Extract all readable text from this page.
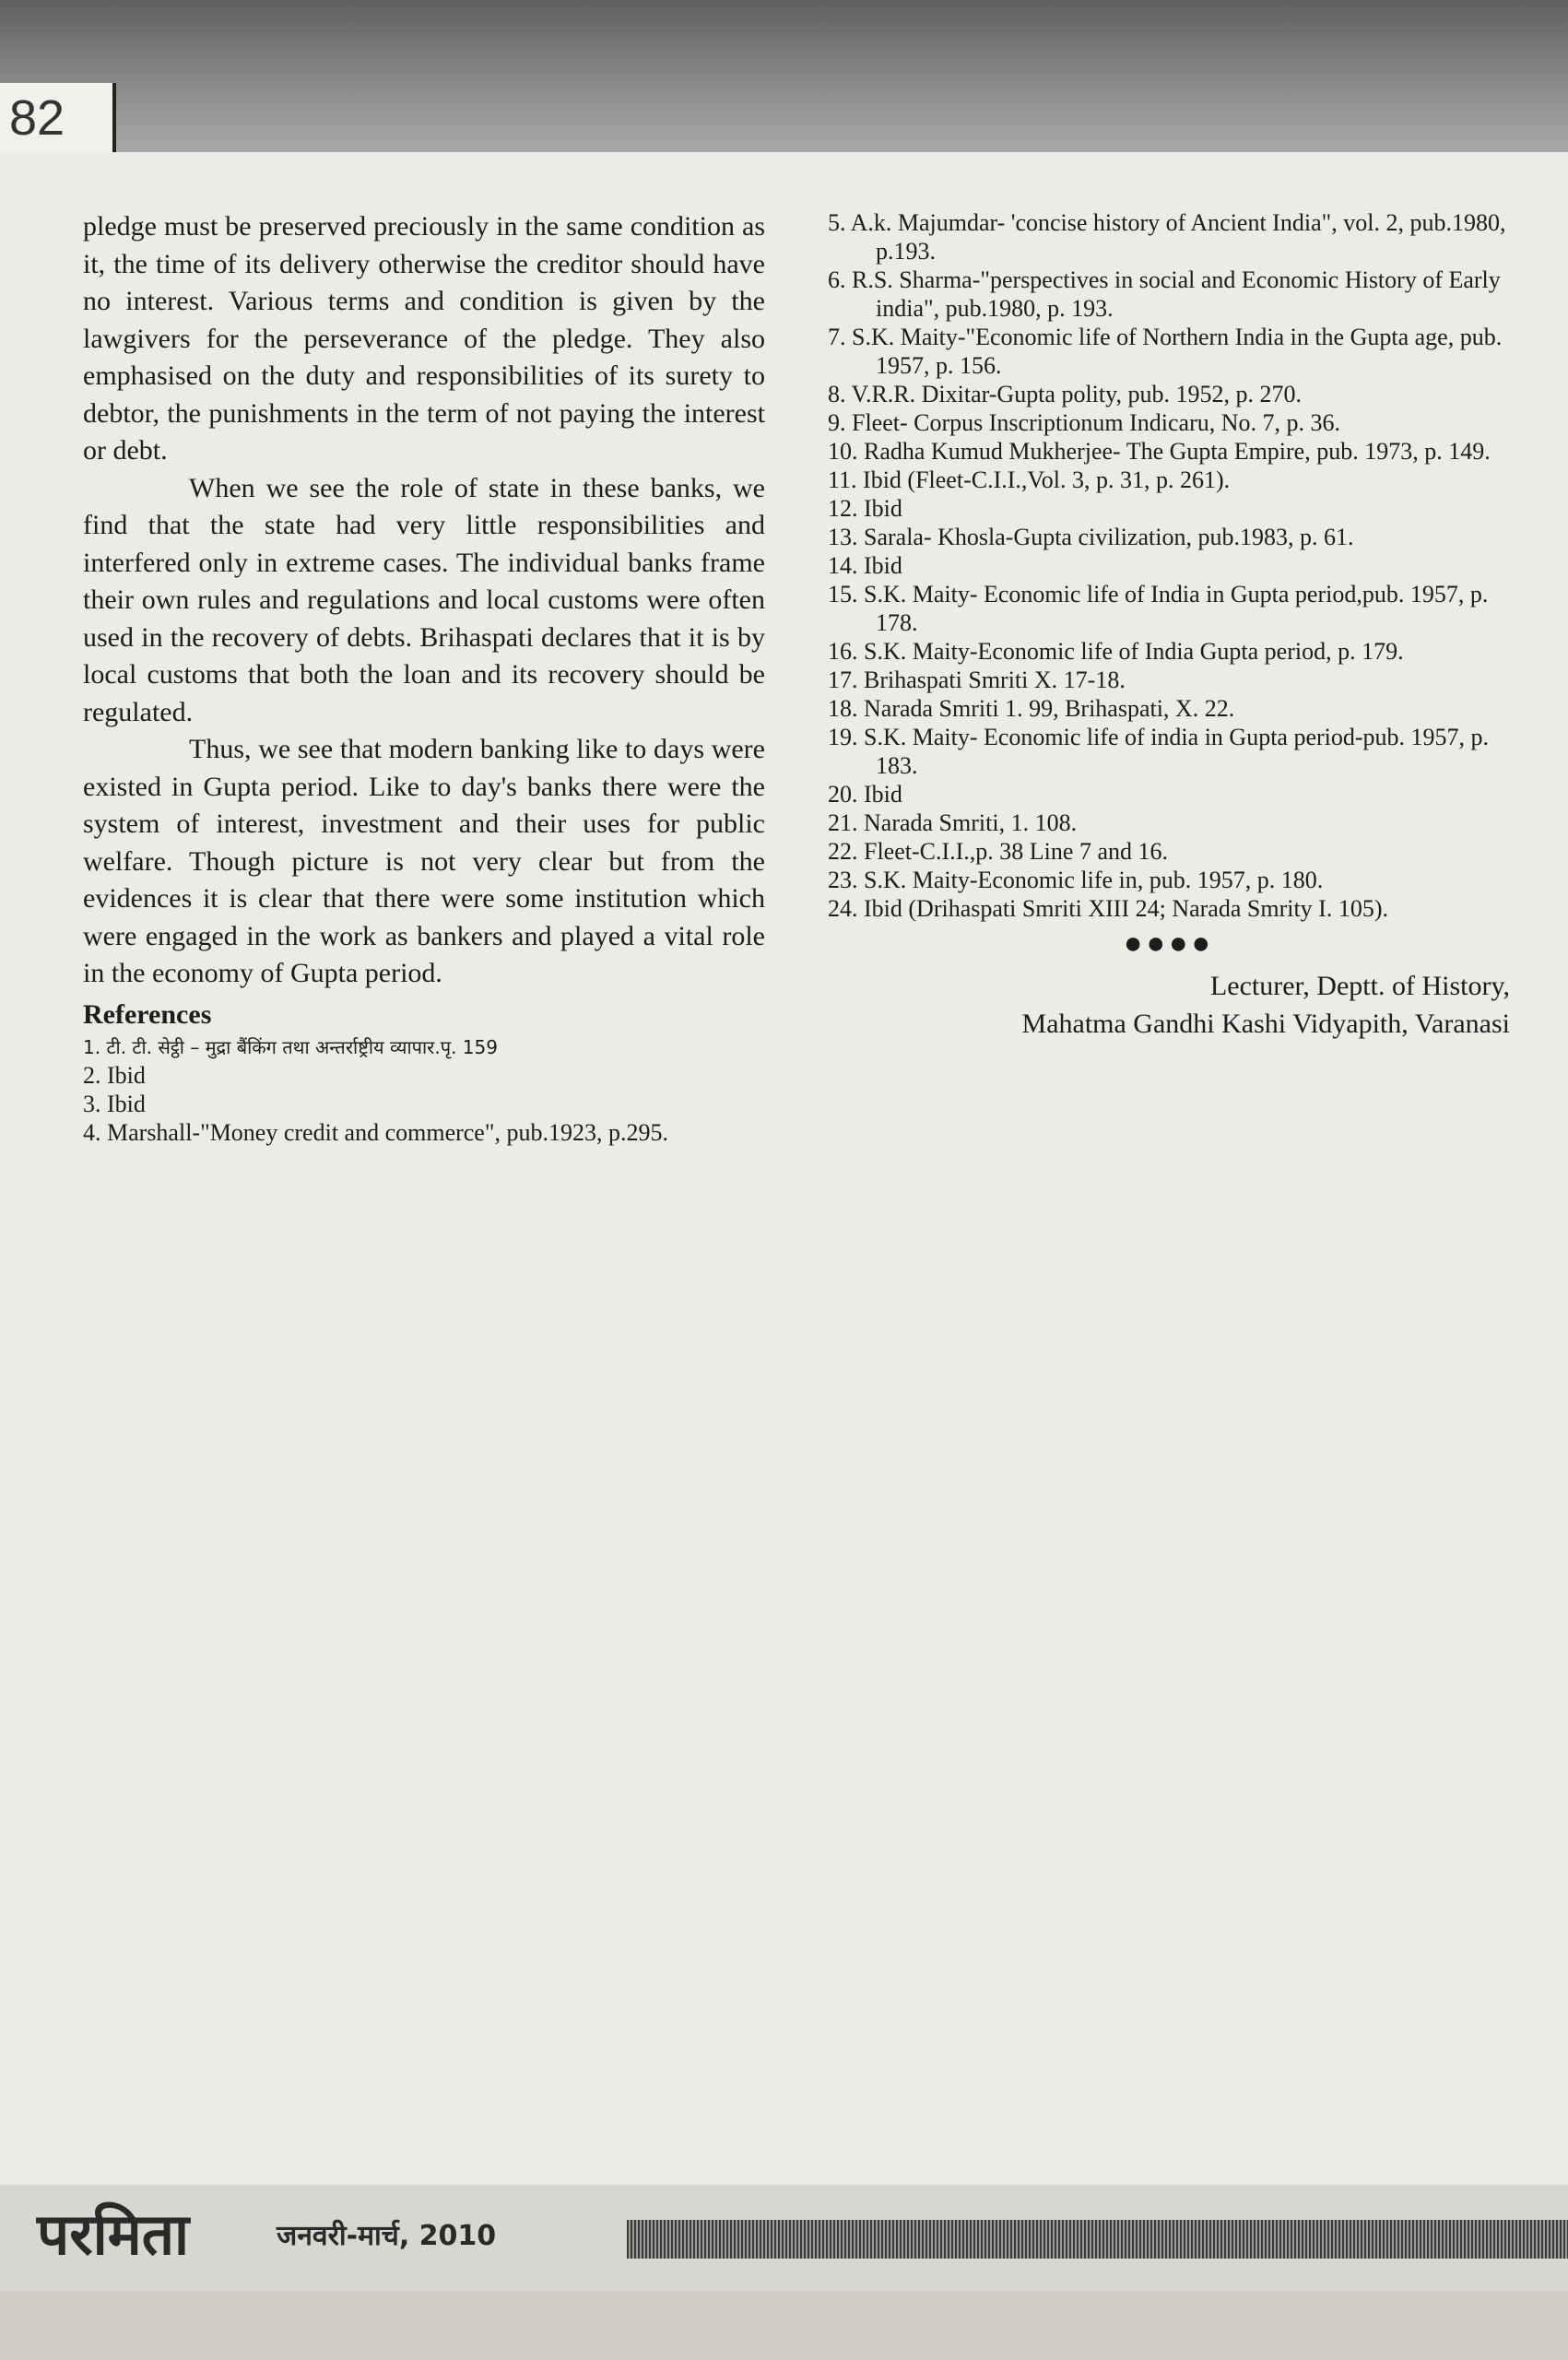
82

pledge must be preserved preciously in the same condition as it, the time of its delivery otherwise the creditor should have no interest. Various terms and condition is given by the lawgivers for the perseverance of the pledge. They also emphasised on the duty and responsibilities of its surety to debtor, the punishments in the term of not paying the interest or debt.

When we see the role of state in these banks, we find that the state had very little responsibilities and interfered only in extreme cases. The individual banks frame their own rules and regulations and local customs were often used in the recovery of debts. Brihaspati declares that it is by local customs that both the loan and its recovery should be regulated.

Thus, we see that modern banking like to days were existed in Gupta period. Like to day's banks there were the system of interest, investment and their uses for public welfare. Though picture is not very clear but from the evidences it is clear that there were some institution which were engaged in the work as bankers and played a vital role in the economy of Gupta period.

References
1. टी. टी. सेट्ठी – मुद्रा बैंकिंग तथा अन्तर्राष्ट्रीय व्यापार.पृ. 159
2. Ibid
3. Ibid
4. Marshall-"Money credit and commerce", pub.1923, p.295.
5. A.k. Majumdar- 'concise history of Ancient India", vol. 2, pub.1980, p.193.
6. R.S. Sharma-"perspectives in social and Economic History of Early india", pub.1980, p. 193.
7. S.K. Maity-"Economic life of Northern India in the Gupta age, pub. 1957, p. 156.
8. V.R.R. Dixitar-Gupta polity, pub. 1952, p. 270.
9. Fleet- Corpus Inscriptionum Indicaru, No. 7, p. 36.
10. Radha Kumud Mukherjee- The Gupta Empire, pub. 1973, p. 149.
11. Ibid (Fleet-C.I.I.,Vol. 3, p. 31, p. 261).
12. Ibid
13. Sarala- Khosla-Gupta civilization, pub.1983, p. 61.
14. Ibid
15. S.K. Maity- Economic life of India in Gupta period,pub. 1957, p. 178.
16. S.K. Maity-Economic life of India Gupta period, p. 179.
17. Brihaspati Smriti X. 17-18.
18. Narada Smriti 1. 99, Brihaspati, X. 22.
19. S.K. Maity- Economic life of india in Gupta period-pub. 1957, p. 183.
20. Ibid
21. Narada Smriti, 1. 108.
22. Fleet-C.I.I.,p. 38 Line 7 and 16.
23. S.K. Maity-Economic life in, pub. 1957, p. 180.
24. Ibid (Drihaspati Smriti XIII 24; Narada Smrity I. 105).
●●●●
Lecturer, Deptt. of History,
Mahatma Gandhi Kashi Vidyapith, Varanasi
परमिता	जनवरी-मार्च, 2010
